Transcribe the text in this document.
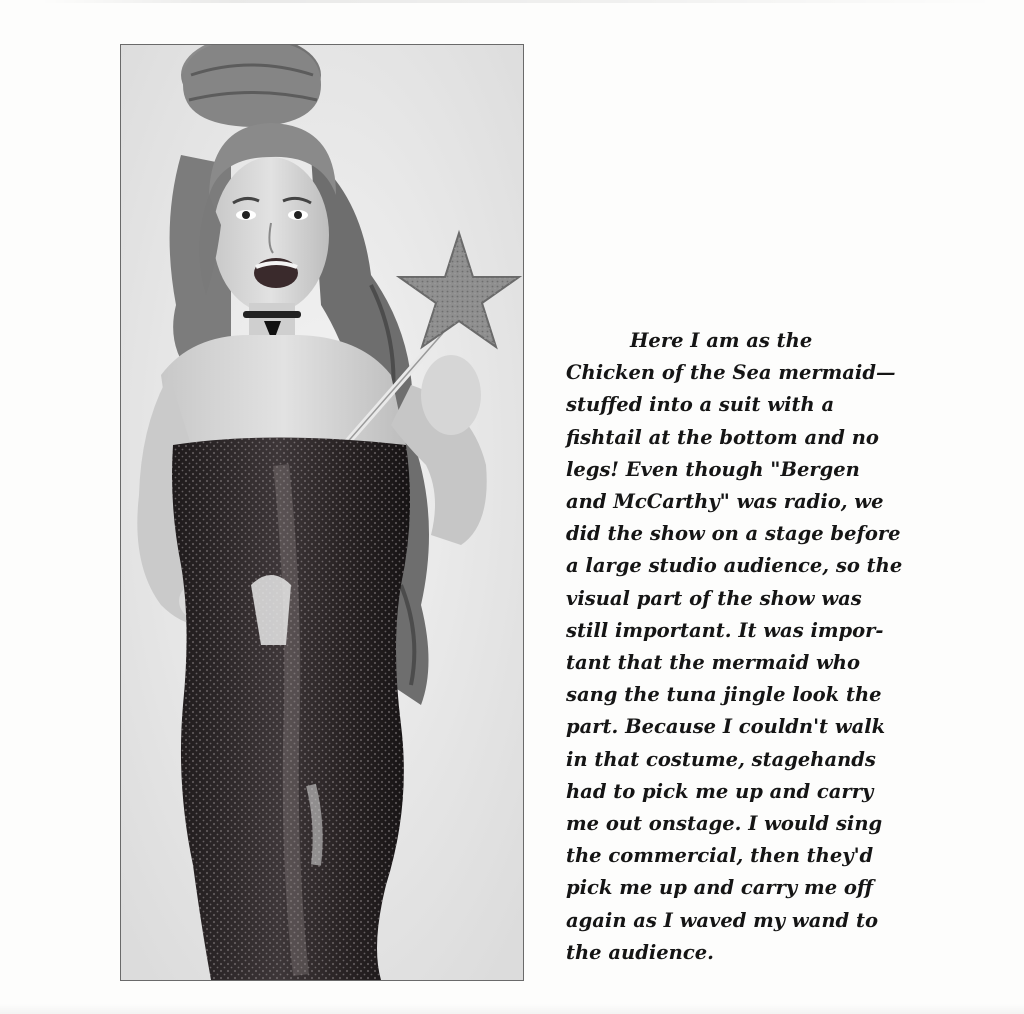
Here I am as the
Chicken of the Sea mermaid—
stuffed into a suit with a
fishtail at the bottom and no
legs! Even though "Bergen
and McCarthy" was radio, we
did the show on a stage before
a large studio audience, so the
visual part of the show was
still important. It was impor-
tant that the mermaid who
sang the tuna jingle look the
part. Because I couldn't walk
in that costume, stagehands
had to pick me up and carry
me out onstage. I would sing
the commercial, then they'd
pick me up and carry me off
again as I waved my wand to
the audience.
